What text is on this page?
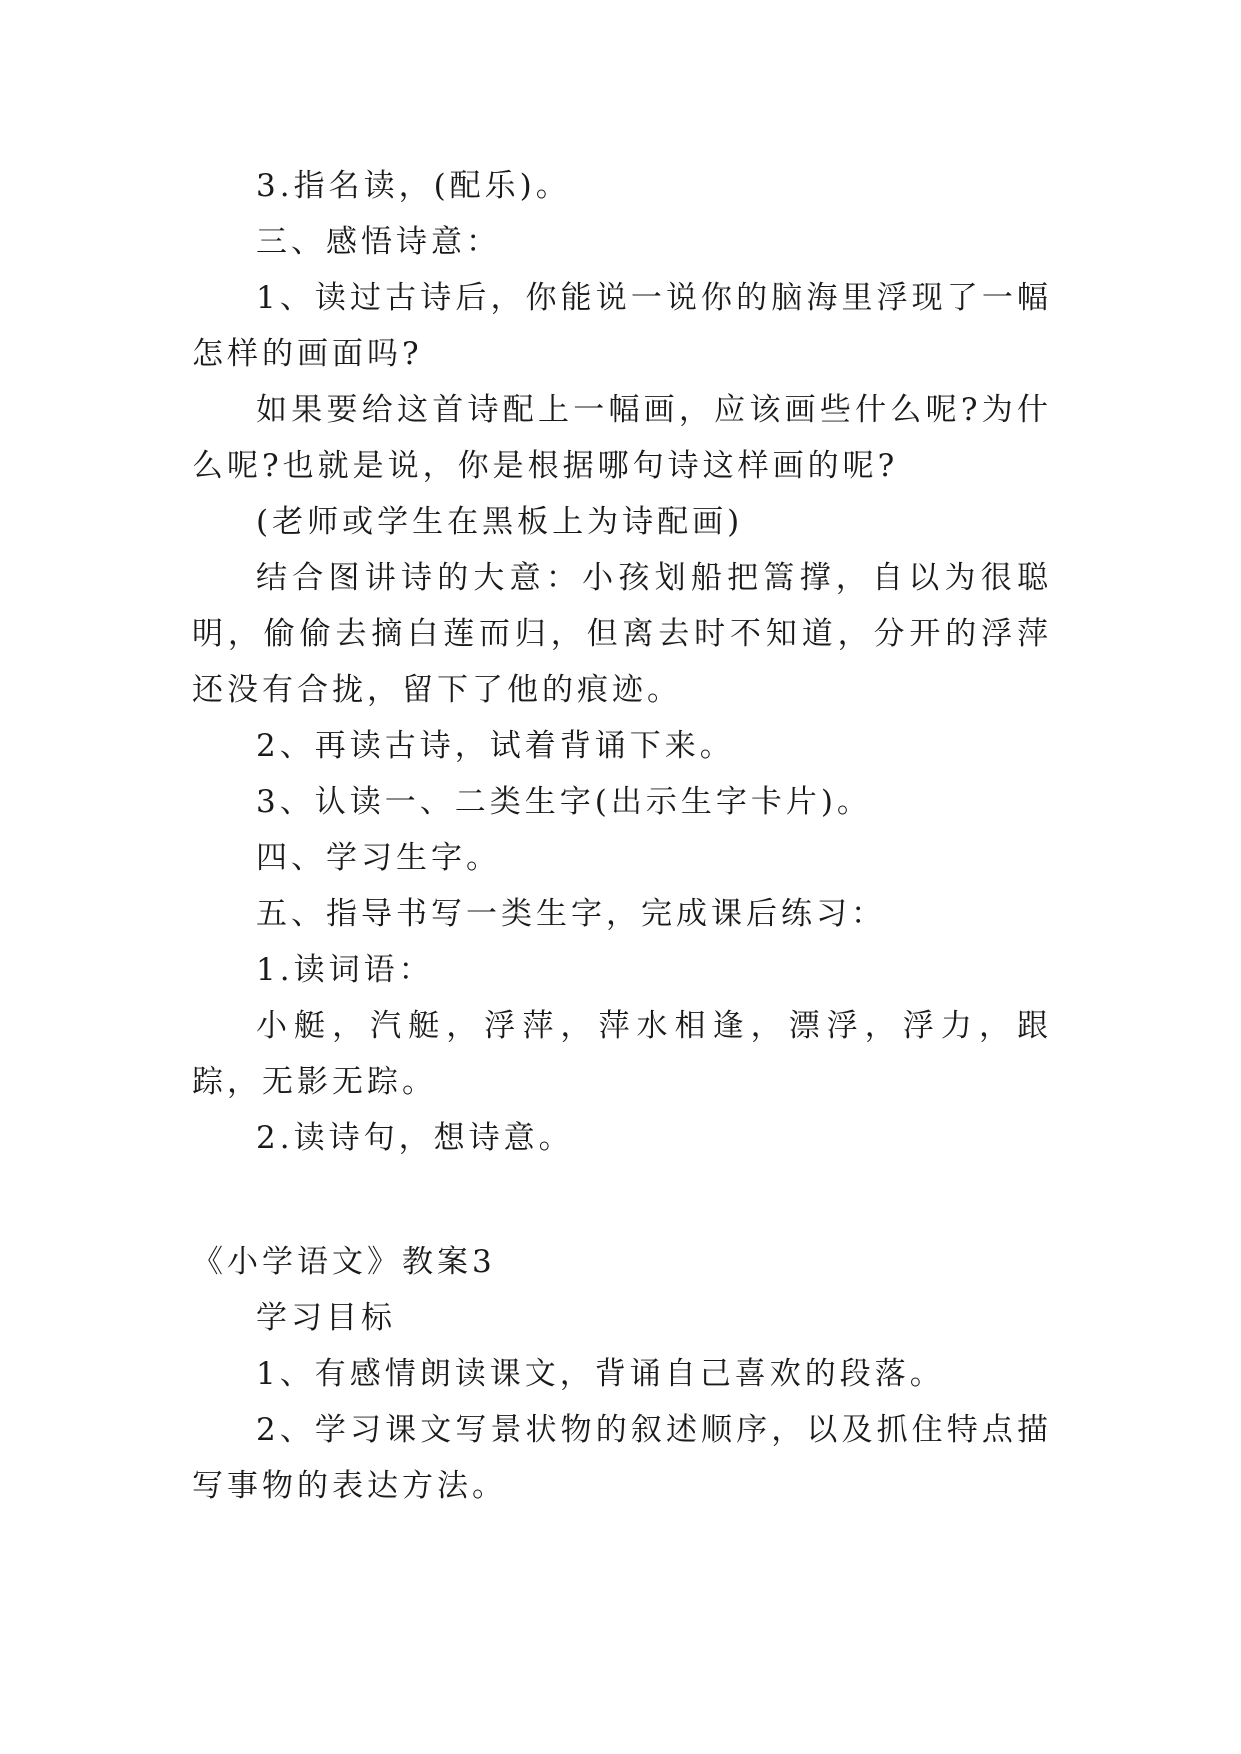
3.指名读，(配乐)。

三、感悟诗意：

1、读过古诗后，你能说一说你的脑海里浮现了一幅怎样的画面吗?

如果要给这首诗配上一幅画，应该画些什么呢?为什么呢?也就是说，你是根据哪句诗这样画的呢?

(老师或学生在黑板上为诗配画)

结合图讲诗的大意：小孩划船把篙撑，自以为很聪明，偷偷去摘白莲而归，但离去时不知道，分开的浮萍还没有合拢，留下了他的痕迹。

2、再读古诗，试着背诵下来。

3、认读一、二类生字(出示生字卡片)。

四、学习生字。

五、指导书写一类生字，完成课后练习：

1.读词语：

小艇，汽艇，浮萍，萍水相逢，漂浮，浮力，跟踪，无影无踪。

2.读诗句，想诗意。

《小学语文》教案3

学习目标

1、有感情朗读课文，背诵自己喜欢的段落。

2、学习课文写景状物的叙述顺序，以及抓住特点描写事物的表达方法。
